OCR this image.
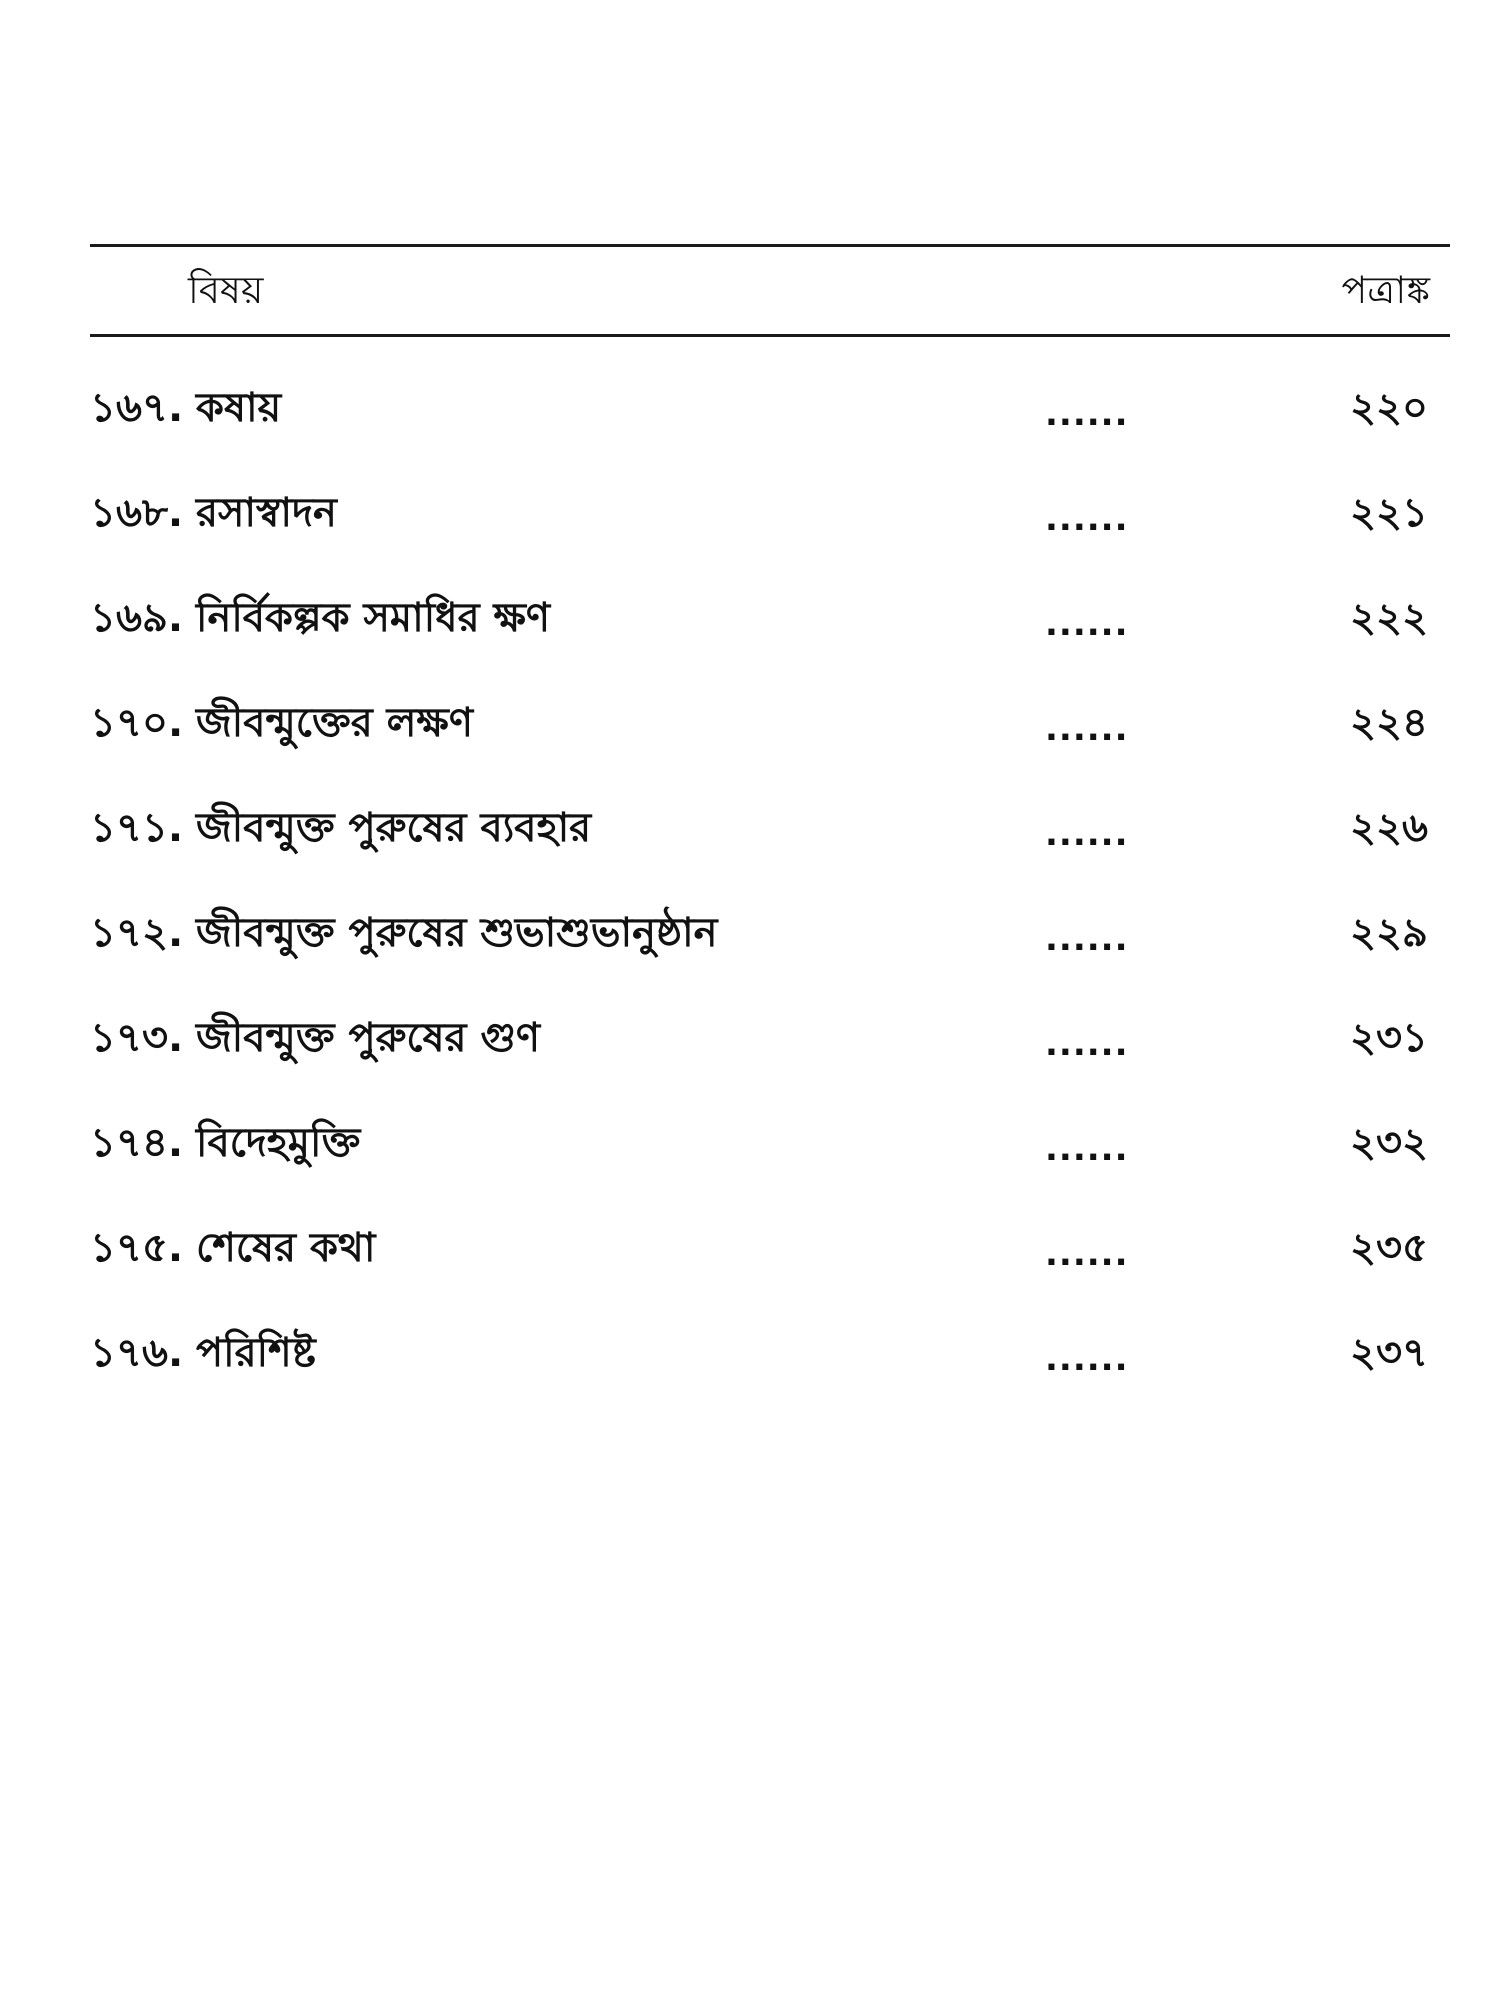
বিষয়	পত্রাঙ্ক
১৬৭. কষায়	......	২২০
১৬৮. রসাস্বাদন	......	২২১
১৬৯. নির্বিকল্পক সমাধির ক্ষণ	......	২২২
১৭০. জীবন্মুক্তের লক্ষণ	......	২২৪
১৭১. জীবন্মুক্ত পুরুষের ব্যবহার	......	২২৬
১৭২. জীবন্মুক্ত পুরুষের শুভাশুভানুষ্ঠান	......	২২৯
১৭৩. জীবন্মুক্ত পুরুষের গুণ	......	২৩১
১৭৪. বিদেহমুক্তি	......	২৩২
১৭৫. শেষের কথা	......	২৩৫
১৭৬. পরিশিষ্ট	......	২৩৭
